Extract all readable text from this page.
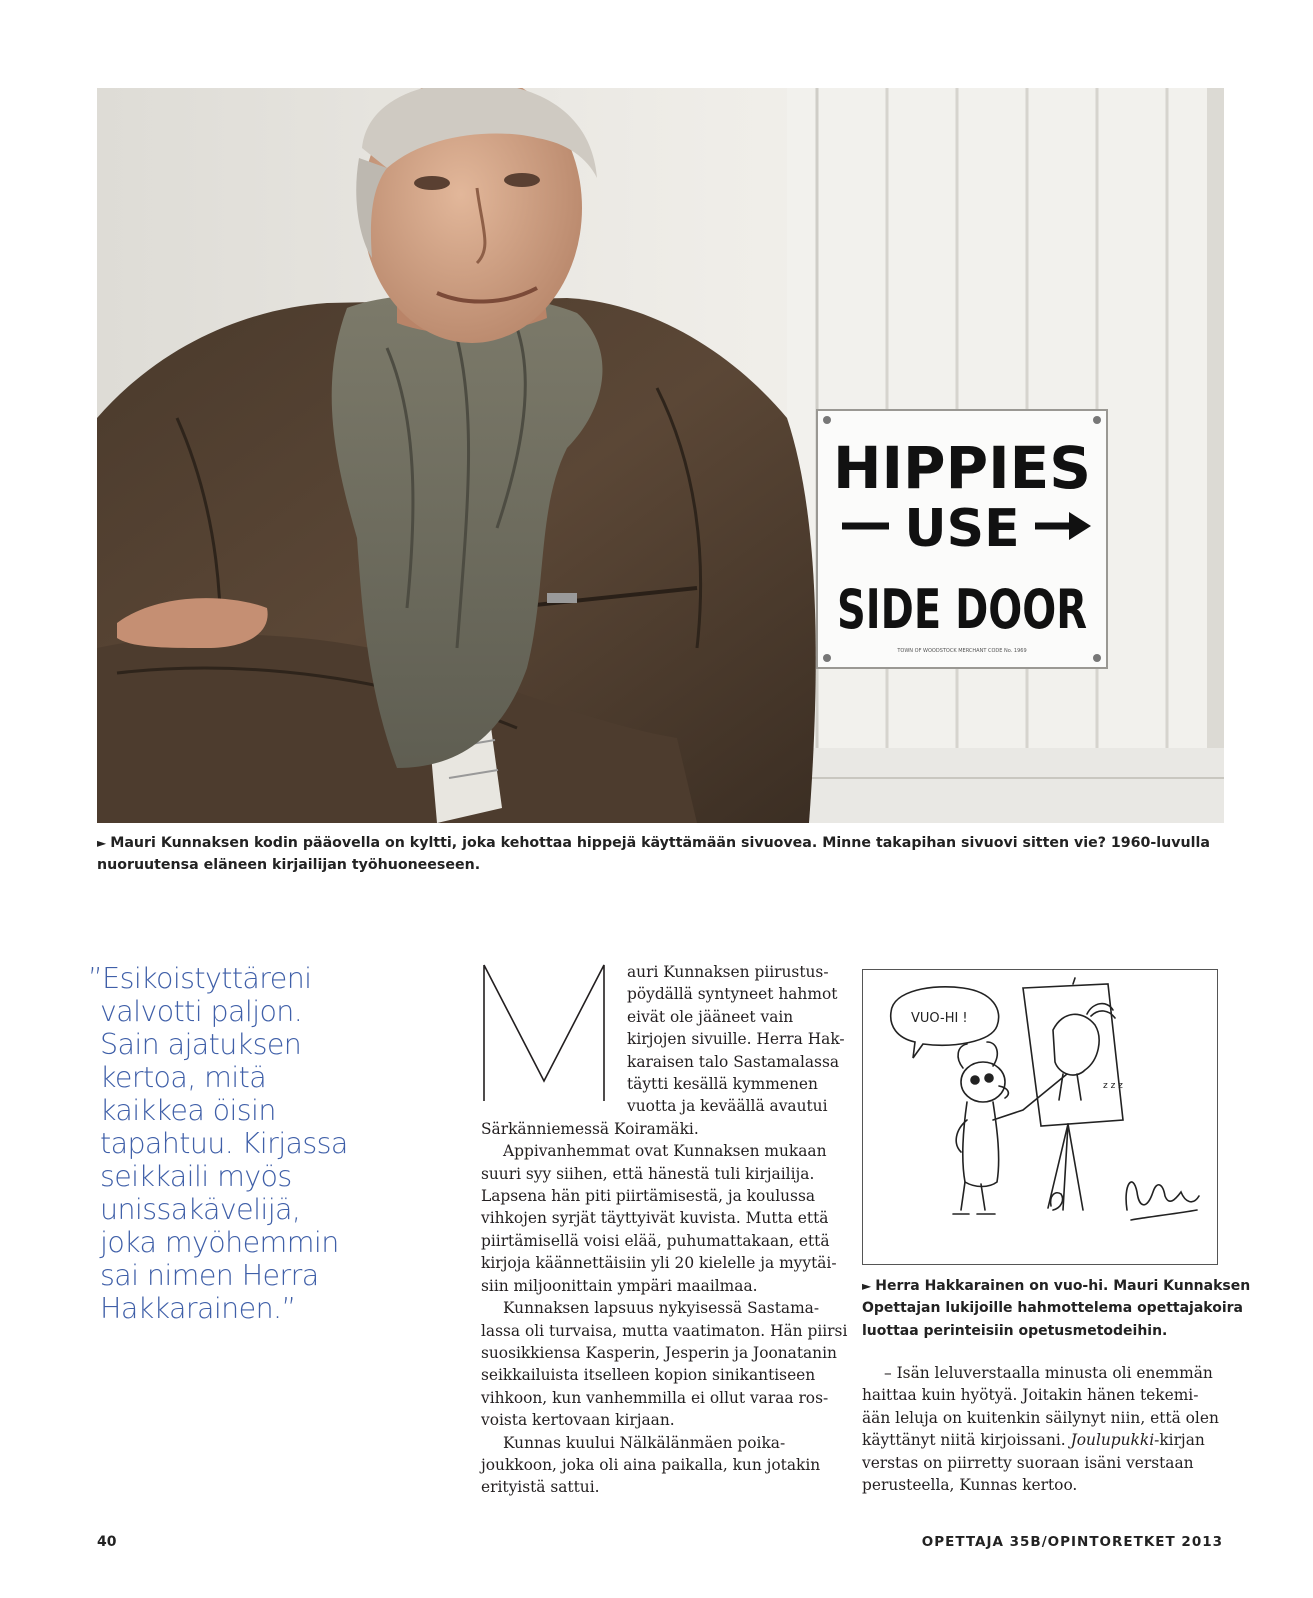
HIPPIES
USE
SIDE DOOR
TOWN OF WOODSTOCK MERCHANT CODE No. 1969
► Mauri Kunnaksen kodin pääovella on kyltti, joka kehottaa hippejä käyttämään sivuovea. Minne takapihan sivuovi sitten vie? 1960-luvulla nuoruutensa eläneen kirjailijan työhuoneeseen.
”Esikoistyttäreni
valvotti paljon.
Sain ajatuksen
kertoa, mitä
kaikkea öisin
tapahtuu. Kirjassa
seikkaili myös
unissakävelijä,
joka myöhemmin
sai nimen Herra
Hakkarainen.”
M
auri Kunnaksen piirustus-
pöydällä syntyneet hahmot
eivät ole jääneet vain
kirjojen sivuille. Herra Hak-
karaisen talo Sastamalassa
täytti kesällä kymmenen
vuotta ja keväällä avautui
Särkänniemessä Koiramäki.
Appivanhemmat ovat Kunnaksen mukaan
suuri syy siihen, että hänestä tuli kirjailija.
Lapsena hän piti piirtämisestä, ja koulussa
vihkojen syrjät täyttyivät kuvista. Mutta että
piirtämisellä voisi elää, puhumattakaan, että
kirjoja käännettäisiin yli 20 kielelle ja myytäi-
siin miljoonittain ympäri maailmaa.
Kunnaksen lapsuus nykyisessä Sastama-
lassa oli turvaisa, mutta vaatimaton. Hän piirsi
suosikkiensa Kasperin, Jesperin ja Joonatanin
seikkailuista itselleen kopion sinikantiseen
vihkoon, kun vanhemmilla ei ollut varaa ros-
voista kertovaan kirjaan.
Kunnas kuului Nälkälänmäen poika-
joukkoon, joka oli aina paikalla, kun jotakin
erityistä sattui.
z z z
VUO-HI !
► Herra Hakkarainen on vuo-hi. Mauri Kunnaksen
Opettajan lukijoille hahmottelema opettajakoira
luottaa perinteisiin opetusmetodeihin.
– Isän leluverstaalla minusta oli enemmän
haittaa kuin hyötyä. Joitakin hänen tekemi-
ään leluja on kuitenkin säilynyt niin, että olen
käyttänyt niitä kirjoissani. Joulupukki-kirjan
verstas on piirretty suoraan isäni verstaan
perusteella, Kunnas kertoo.
40	OPETTAJA 35B/OPINTORETKET 2013
